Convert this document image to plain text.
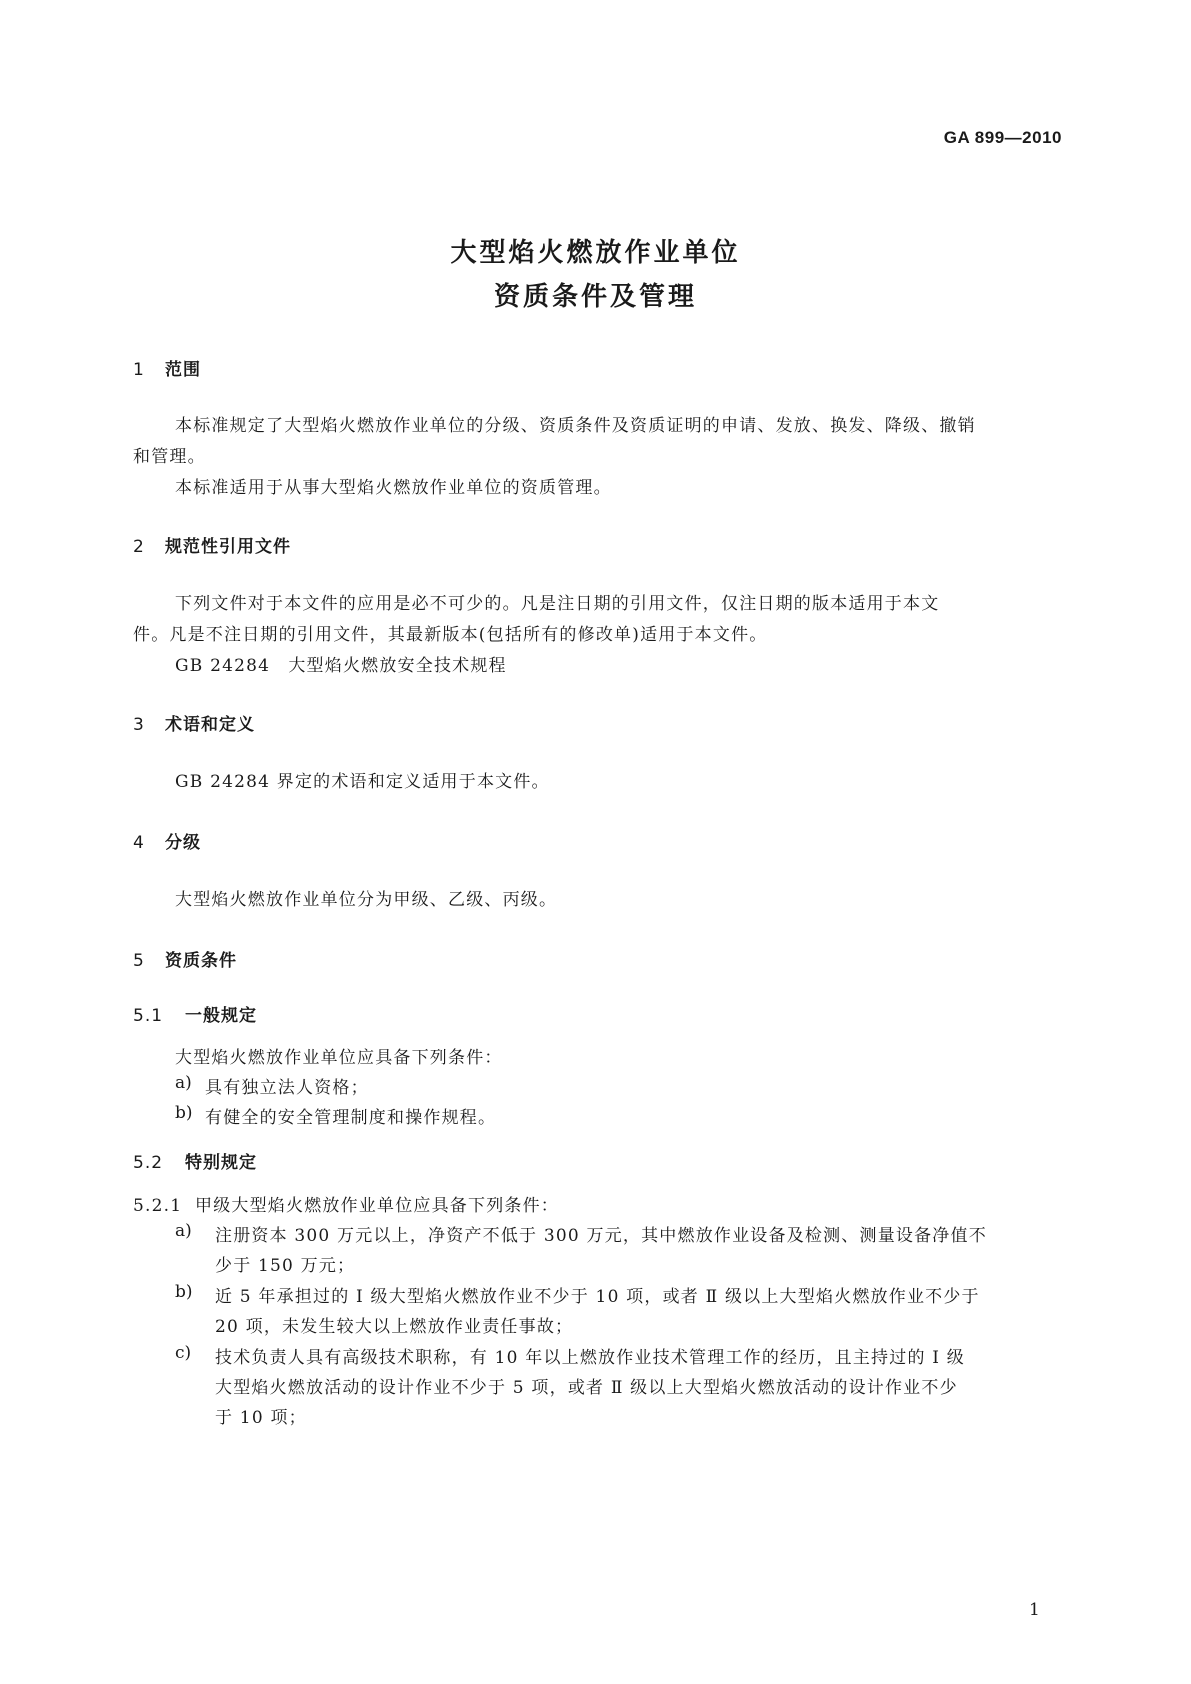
GA 899—2010
大型焰火燃放作业单位
资质条件及管理
1 范围
本标准规定了大型焰火燃放作业单位的分级、资质条件及资质证明的申请、发放、换发、降级、撤销
和管理。
本标准适用于从事大型焰火燃放作业单位的资质管理。
2 规范性引用文件
下列文件对于本文件的应用是必不可少的。凡是注日期的引用文件，仅注日期的版本适用于本文
件。凡是不注日期的引用文件，其最新版本(包括所有的修改单)适用于本文件。
GB 24284　大型焰火燃放安全技术规程
3 术语和定义
GB 24284 界定的术语和定义适用于本文件。
4 分级
大型焰火燃放作业单位分为甲级、乙级、丙级。
5 资质条件
5.1 一般规定
大型焰火燃放作业单位应具备下列条件：
a) 具有独立法人资格；
b) 有健全的安全管理制度和操作规程。
5.2 特别规定
5.2.1 甲级大型焰火燃放作业单位应具备下列条件：
a) 注册资本 300 万元以上，净资产不低于 300 万元，其中燃放作业设备及检测、测量设备净值不
少于 150 万元；
b) 近 5 年承担过的 Ⅰ 级大型焰火燃放作业不少于 10 项，或者 Ⅱ 级以上大型焰火燃放作业不少于
20 项，未发生较大以上燃放作业责任事故；
c) 技术负责人具有高级技术职称，有 10 年以上燃放作业技术管理工作的经历，且主持过的 Ⅰ 级
大型焰火燃放活动的设计作业不少于 5 项，或者 Ⅱ 级以上大型焰火燃放活动的设计作业不少
于 10 项；
1
